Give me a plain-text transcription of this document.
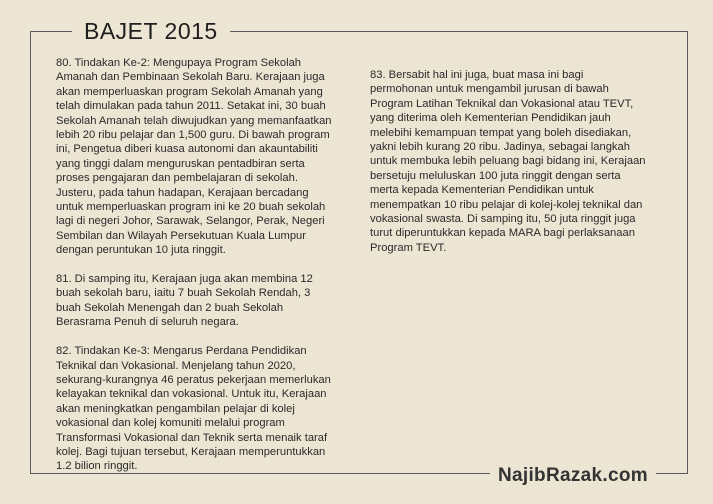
BAJET 2015

80. Tindakan Ke-2: Mengupaya Program Sekolah
Amanah dan Pembinaan Sekolah Baru. Kerajaan juga
akan memperluaskan program Sekolah Amanah yang
telah dimulakan pada tahun 2011. Setakat ini, 30 buah
Sekolah Amanah telah diwujudkan yang memanfaatkan
lebih 20 ribu pelajar dan 1,500 guru. Di bawah program
ini, Pengetua diberi kuasa autonomi dan akauntabiliti
yang tinggi dalam menguruskan pentadbiran serta
proses pengajaran dan pembelajaran di sekolah.
Justeru, pada tahun hadapan, Kerajaan bercadang
untuk memperluaskan program ini ke 20 buah sekolah
lagi di negeri Johor, Sarawak, Selangor, Perak, Negeri
Sembilan dan Wilayah Persekutuan Kuala Lumpur
dengan peruntukan 10 juta ringgit.

81. Di samping itu, Kerajaan juga akan membina 12
buah sekolah baru, iaitu 7 buah Sekolah Rendah, 3
buah Sekolah Menengah dan 2 buah Sekolah
Berasrama Penuh di seluruh negara.

82. Tindakan Ke-3: Mengarus Perdana Pendidikan
Teknikal dan Vokasional. Menjelang tahun 2020,
sekurang-kurangnya 46 peratus pekerjaan memerlukan
kelayakan teknikal dan vokasional. Untuk itu, Kerajaan
akan meningkatkan pengambilan pelajar di kolej
vokasional dan kolej komuniti melalui program
Transformasi Vokasional dan Teknik serta menaik taraf
kolej. Bagi tujuan tersebut, Kerajaan memperuntukkan
1.2 bilion ringgit.

83. Bersabit hal ini juga, buat masa ini bagi
permohonan untuk mengambil jurusan di bawah
Program Latihan Teknikal dan Vokasional atau TEVT,
yang diterima oleh Kementerian Pendidikan jauh
melebihi kemampuan tempat yang boleh disediakan,
yakni lebih kurang 20 ribu. Jadinya, sebagai langkah
untuk membuka lebih peluang bagi bidang ini, Kerajaan
bersetuju meluluskan 100 juta ringgit dengan serta
merta kepada Kementerian Pendidikan untuk
menempatkan 10 ribu pelajar di kolej-kolej teknikal dan
vokasional swasta. Di samping itu, 50 juta ringgit juga
turut diperuntukkan kepada MARA bagi perlaksanaan
Program TEVT.

NajibRazak.com
